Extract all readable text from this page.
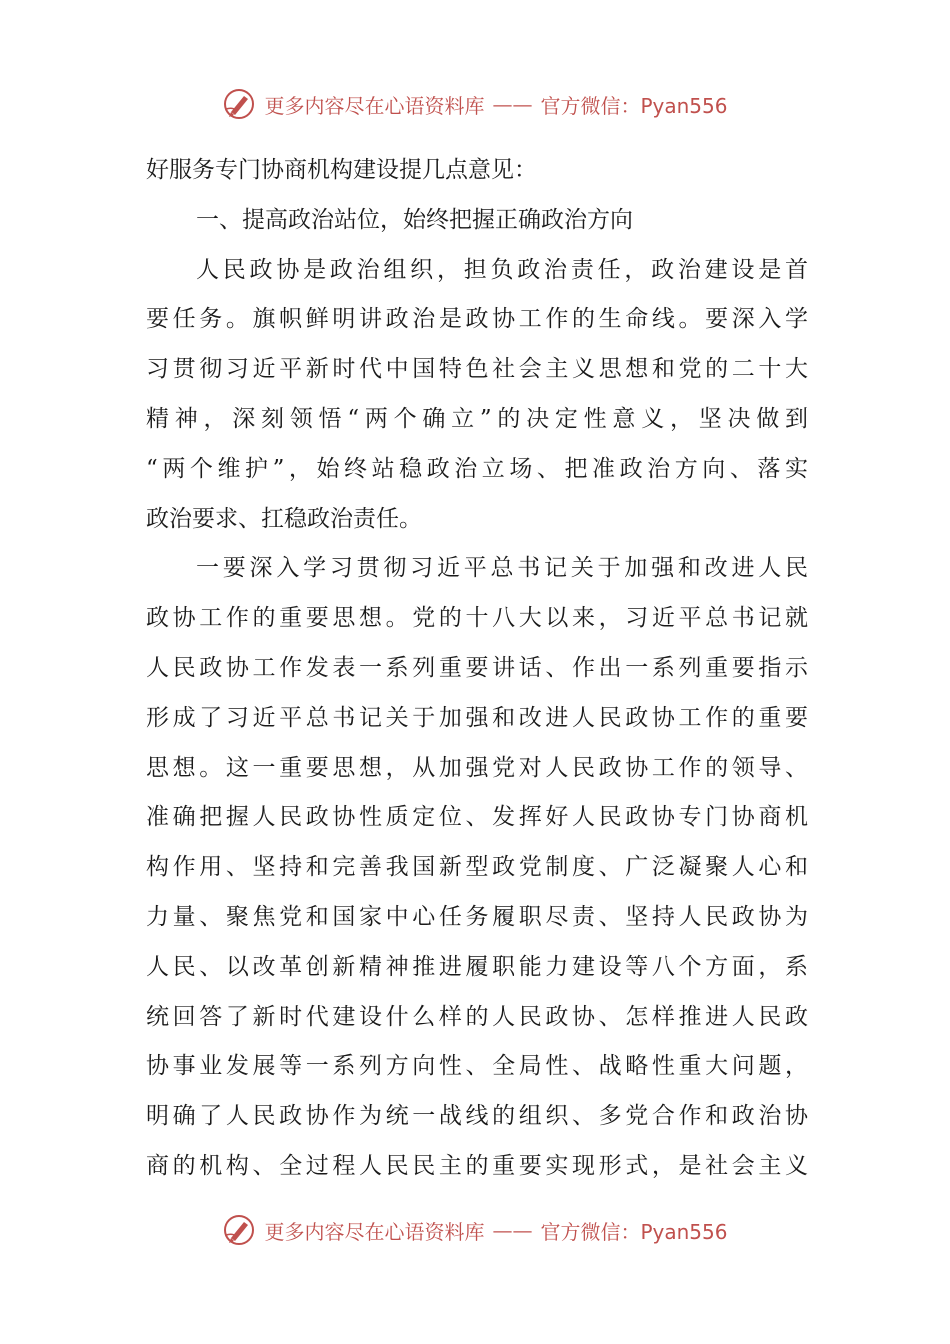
更多内容尽在心语资料库 —— 官方微信：Pyan556
好服务专门协商机构建设提几点意见：
一、提高政治站位，始终把握正确政治方向
人民政协是政治组织，担负政治责任，政治建设是首
要任务。旗帜鲜明讲政治是政协工作的生命线。要深入学
习贯彻习近平新时代中国特色社会主义思想和党的二十大
精神，深刻领悟“两个确立”的决定性意义，坚决做到
“两个维护”，始终站稳政治立场、把准政治方向、落实
政治要求、扛稳政治责任。
一要深入学习贯彻习近平总书记关于加强和改进人民
政协工作的重要思想。党的十八大以来，习近平总书记就
人民政协工作发表一系列重要讲话、作出一系列重要指示
形成了习近平总书记关于加强和改进人民政协工作的重要
思想。这一重要思想，从加强党对人民政协工作的领导、
准确把握人民政协性质定位、发挥好人民政协专门协商机
构作用、坚持和完善我国新型政党制度、广泛凝聚人心和
力量、聚焦党和国家中心任务履职尽责、坚持人民政协为
人民、以改革创新精神推进履职能力建设等八个方面，系
统回答了新时代建设什么样的人民政协、怎样推进人民政
协事业发展等一系列方向性、全局性、战略性重大问题，
明确了人民政协作为统一战线的组织、多党合作和政治协
商的机构、全过程人民民主的重要实现形式，是社会主义
更多内容尽在心语资料库 —— 官方微信：Pyan556
